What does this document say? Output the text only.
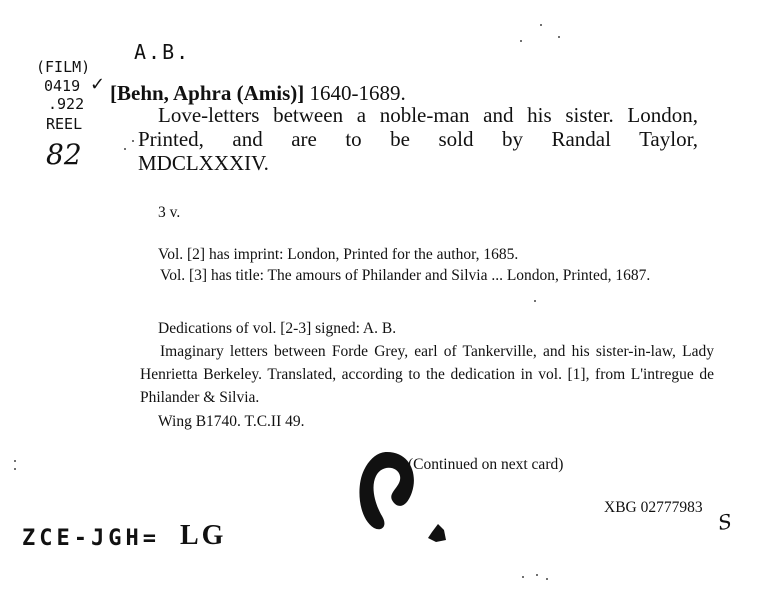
(FILM)
0419 ✓
.922
REEL
82
A.B.
[Behn, Aphra (Amis)] 1640-1689.
Love-letters between a noble-man and his sister. London,
Printed, and are to be sold by Randal Taylor,
MDCLXXXIV.
3 v.
Vol. [2] has imprint: London, Printed for the author, 1685.
Vol. [3] has title: The amours of Philander and Silvia ... London, Printed, 1687.
Dedications of vol. [2-3] signed: A. B.
Imaginary letters between Forde Grey, earl of Tankerville, and his sister-in-law, Lady Henrietta Berkeley. Translated, according to the dedication in vol. [1], from L'intregue de Philander & Silvia.
Wing B1740. T.C.II 49.
(Continued on next card)
XBG 02777983
S
ZCE-JGH= LG
